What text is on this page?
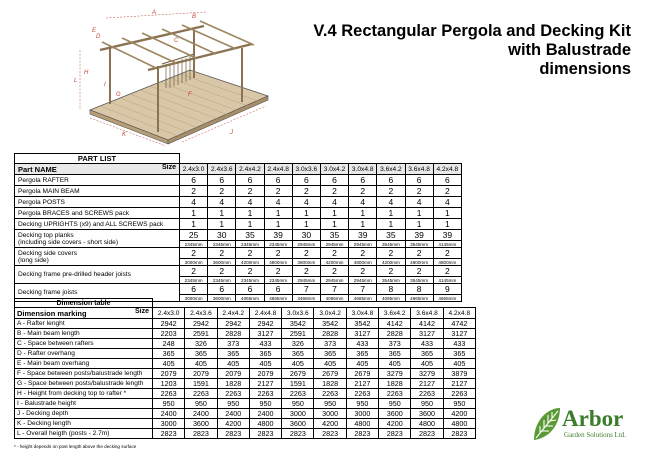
V.4 Rectangular Pergola and Decking Kit
with Balustrade
dimensions
A
B
C
D
E
F
G
H
I
J
K
L
PART LIST										
Part NAME Size	2.4x3.0	2.4x3.6	2.4x4.2	2.4x4.8	3.0x3.6	3.0x4.2	3.0x4.8	3.6x4.2	3.6x4.8	4.2x4.8

Pergola RAFTER	6	6	6	6	6	6	6	6	6	6

Pergola MAIN BEAM	2	2	2	2	2	2	2	2	2	2

Pergola POSTS	4	4	4	4	4	4	4	4	4	4

Pergola BRACES and SCREWS pack	1	1	1	1	1	1	1	1	1	1

Decking UPRIGHTS (x9) and ALL SCREWS pack	1	1	1	1	1	1	1	1	1	1

Decking top planks
(including side covers - short side)	25	30	35	39	30	35	39	35	39	39
	2345mm	2345mm	2345mm	2345mm	2945mm	2945mm	2945mm	3545mm	3545mm	4145mm

Decking side covers
(long side)	2	2	2	2	2	2	2	2	2	2
	3000mm	3600mm	4200mm	4800mm	3600mm	4200mm	4800mm	4200mm	4800mm	4800mm

Decking frame pre-drilled header joists	2	2	2	2	2	2	2	2	2	2
	2345mm	2345mm	2345mm	2345mm	2945mm	2945mm	2945mm	3545mm	3545mm	4145mm

Decking frame joists	6	6	6	6	7	7	7	8	8	9
	3000mm	3600mm	4065mm	4665mm	3468mm	4065mm	4665mm	4065mm	4665mm	4665mm
Dimension table										
Dimension marking Size	2.4x3.0	2.4x3.6	2.4x4.2	2.4x4.8	3.0x3.6	3.0x4.2	3.0x4.8	3.6x4.2	3.6x4.8	4.2x4.8
A - Rafter lenght	2942	2942	2942	2942	3542	3542	3542	4142	4142	4742
B - Main beam length	2203	2591	2828	3127	2591	2828	3127	2828	3127	3127
C - Space between rafters	248	326	373	433	326	373	433	373	433	433
D - Rafter overhang	365	365	365	365	365	365	365	365	365	365
E - Main beam overhang	405	405	405	405	405	405	405	405	405	405
F - Space between posts/balustrade length	2079	2079	2079	2079	2679	2679	2679	3279	3279	3879
G - Space between posts/balustrade length	1203	1591	1828	2127	1591	1828	2127	1828	2127	2127
H - Height from decking top to rafter *	2263	2263	2263	2263	2263	2263	2263	2263	2263	2263
I - Balustrade height	950	950	950	950	950	950	950	950	950	950
J - Decking depth	2400	2400	2400	2400	3000	3000	3000	3600	3600	4200
K - Decking length	3000	3600	4200	4800	3600	4200	4800	4200	4800	4800
L - Overall heigth (posts - 2.7m)	2823	2823	2823	2823	2823	2823	2823	2823	2823	2823
* - height depends on post length above the decking surface
Arbor
Garden Solutions Ltd.
